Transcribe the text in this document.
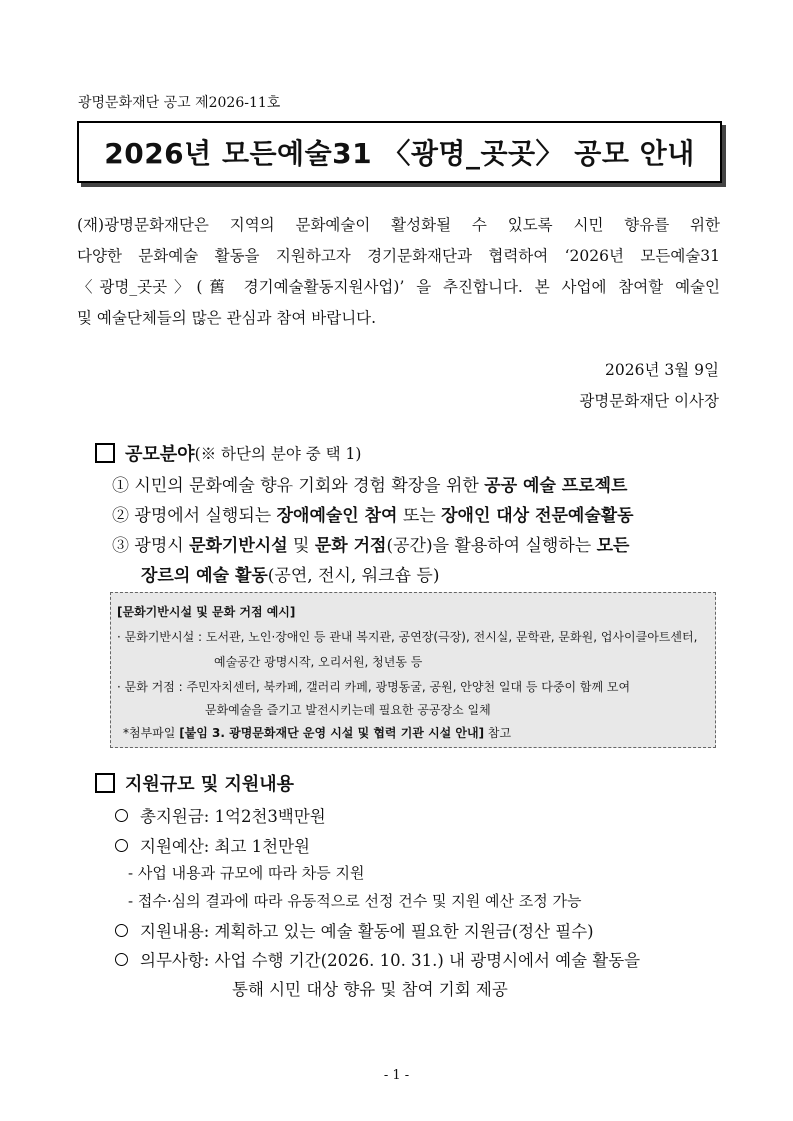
광명문화재단 공고 제2026-11호
2026년 모든예술31 〈광명_곳곳〉 공모 안내
(재)광명문화재단은 지역의 문화예술이 활성화될 수 있도록 시민 향유를 위한
다양한 문화예술 활동을 지원하고자 경기문화재단과 협력하여 ‘2026년 모든예술31
〈광명_곳곳〉(舊 경기예술활동지원사업)’ 을 추진합니다. 본 사업에 참여할 예술인
및 예술단체들의 많은 관심과 참여 바랍니다.
2026년 3월 9일
광명문화재단 이사장
공모분야 (※ 하단의 분야 중 택 1)
① 시민의 문화예술 향유 기회와 경험 확장을 위한 공공 예술 프로젝트
② 광명에서 실행되는 장애예술인 참여 또는 장애인 대상 전문예술활동
③ 광명시 문화기반시설 및 문화 거점(공간)을 활용하여 실행하는 모든
장르의 예술 활동(공연, 전시, 워크숍 등)
[문화기반시설 및 문화 거점 예시]
· 문화기반시설 : 도서관, 노인·장애인 등 관내 복지관, 공연장(극장), 전시실, 문학관, 문화원, 업사이클아트센터,
예술공간 광명시작, 오리서원, 청년동 등
· 문화 거점 : 주민자치센터, 북카페, 갤러리 카페, 광명동굴, 공원, 안양천 일대 등 다중이 함께 모여
문화예술을 즐기고 발전시키는데 필요한 공공장소 일체
*첨부파일 [붙임 3. 광명문화재단 운영 시설 및 협력 기관 시설 안내] 참고
지원규모 및 지원내용
총지원금: 1억2천3백만원
지원예산: 최고 1천만원
- 사업 내용과 규모에 따라 차등 지원
- 접수·심의 결과에 따라 유동적으로 선정 건수 및 지원 예산 조정 가능
지원내용: 계획하고 있는 예술 활동에 필요한 지원금(정산 필수)
의무사항: 사업 수행 기간(2026. 10. 31.) 내 광명시에서 예술 활동을
통해 시민 대상 향유 및 참여 기회 제공
- 1 -
